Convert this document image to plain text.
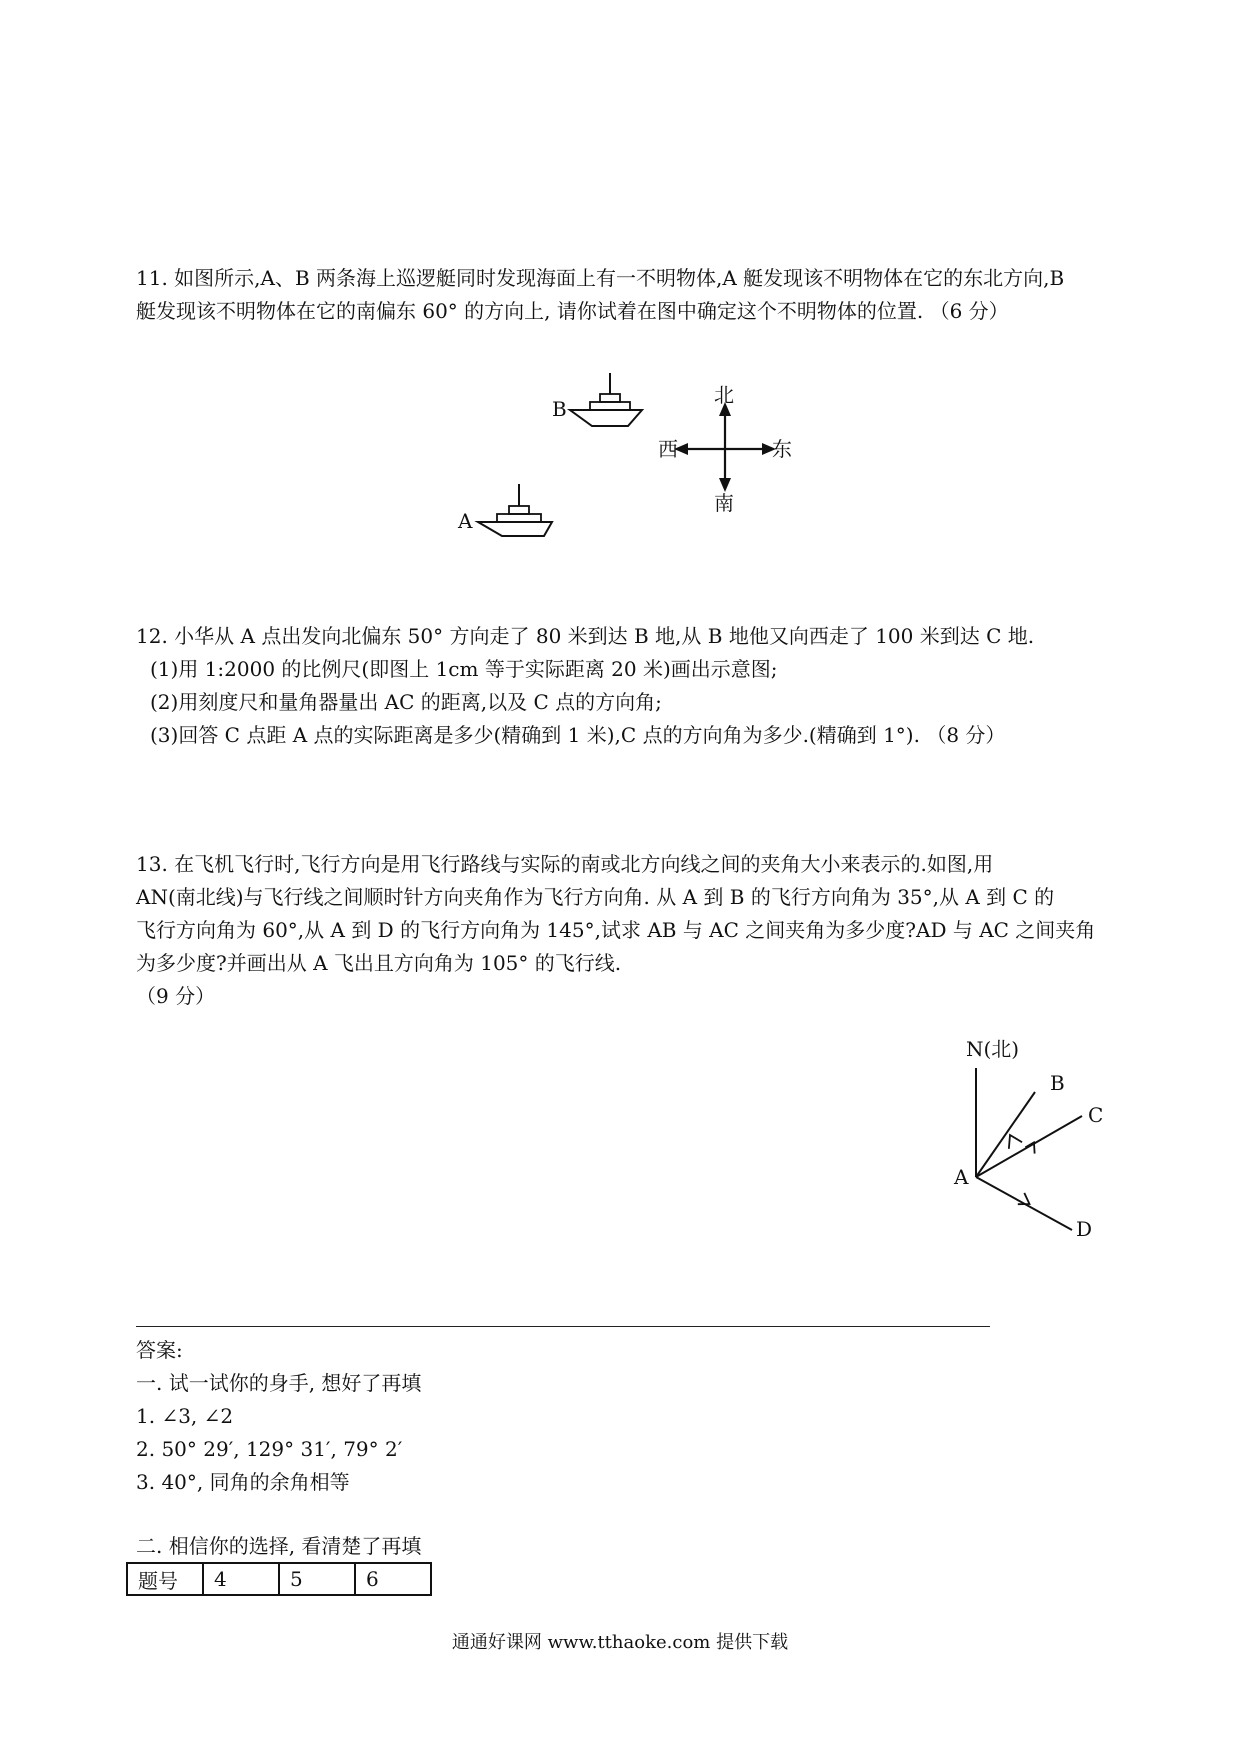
11. 如图所示,A、B 两条海上巡逻艇同时发现海面上有一不明物体,A 艇发现该不明物体在它的东北方向,B

艇发现该不明物体在它的南偏东 60° 的方向上, 请你试着在图中确定这个不明物体的位置. （6 分）

B
A
北
南
西	东

12. 小华从 A 点出发向北偏东 50° 方向走了 80 米到达 B 地,从 B 地他又向西走了 100 米到达 C 地.

(1)用 1:2000 的比例尺(即图上 1cm 等于实际距离 20 米)画出示意图;

(2)用刻度尺和量角器量出 AC 的距离,以及 C 点的方向角;

(3)回答 C 点距 A 点的实际距离是多少(精确到 1 米),C 点的方向角为多少.(精确到 1°). （8 分）

13. 在飞机飞行时,飞行方向是用飞行路线与实际的南或北方向线之间的夹角大小来表示的.如图,用

AN(南北线)与飞行线之间顺时针方向夹角作为飞行方向角. 从 A 到 B 的飞行方向角为 35°,从 A 到 C 的

飞行方向角为 60°,从 A 到 D 的飞行方向角为 145°,试求 AB 与 AC 之间夹角为多少度?AD 与 AC 之间夹角

为多少度?并画出从 A 飞出且方向角为 105° 的飞行线.

（9 分）

N(北)
A
B
C
D

答案:

一. 试一试你的身手, 想好了再填

1. ∠3, ∠2

2. 50° 29′, 129° 31′, 79° 2′

3. 40°, 同角的余角相等

二. 相信你的选择, 看清楚了再填

题号	4	5	6
通通好课网 www.tthaoke.com 提供下载
